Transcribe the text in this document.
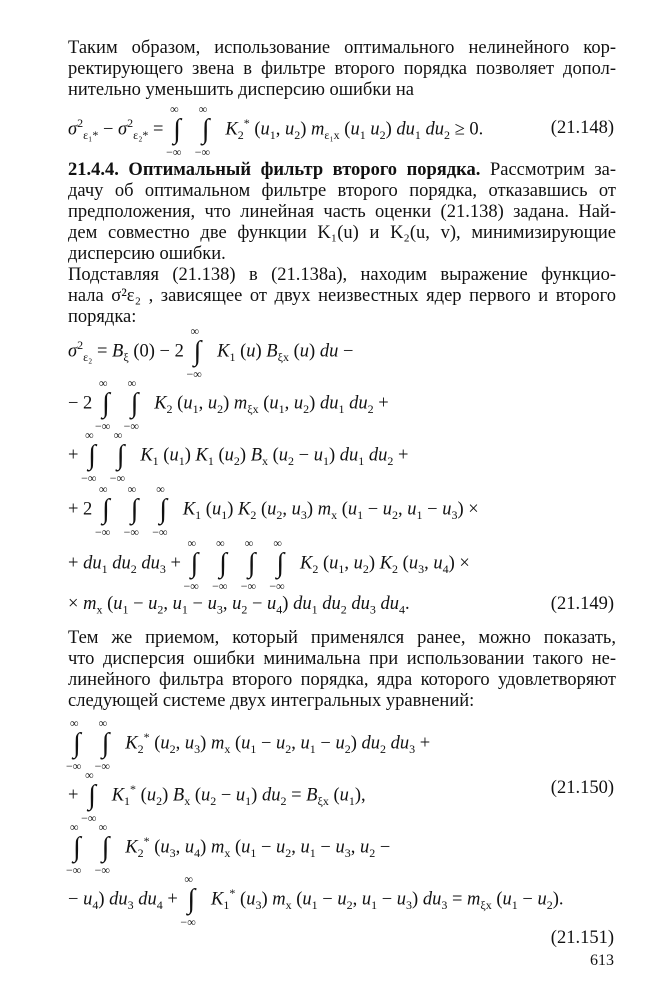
Таким образом, использование оптимального нелинейного кор-
ректирующего звена в фильтре второго порядка позволяет допол-
нительно уменьшить дисперсию ошибки на
$\sigma^2_{\varepsilon_1*} - \sigma^2_{\varepsilon_2*}$ =
∞
∫
−∞

∞
∫
−∞
$K_2^*$ ($u_1$, $u_2$) $m_{\varepsilon_1x}$ ($u_1$ $u_2$) $du_1$ $du_2 \ge 0$.	(21.148)
21.4.4. Оптимальный фильтр второго порядка. Рассмотрим за-
дачу об оптимальном фильтре второго порядка, отказавшись от
предположения, что линейная часть оценки (21.138) задана. Най-
дем совместно две функции K₁(u) и K₂(u, v), минимизирующие
дисперсию ошибки.
Подставляя (21.138) в (21.138а), находим выражение функцио-
нала σ²ε₂ , зависящее от двух неизвестных ядер первого и второго
порядка:
$\sigma^2_{\varepsilon_2} = B_\xi$ (0) − 2
∞
∫
−∞
$K_1$ (u) $B_{\xi x}$ (u) du −
− 2
∞
∫
−∞

∞
∫
−∞
$K_2$ ($u_1$, $u_2$) $m_{\xi x}$ ($u_1$, $u_2$) $du_1$ $du_2$ +
+
∞
∫
−∞

∞
∫
−∞
$K_1$ $(u_1)$ $K_1$ $(u_2)$ $B_x$ $(u_2 - u_1)$ $du_1$ $du_2$ +
+ 2
∞
∫
−∞

∞
∫
−∞

∞
∫
−∞
$K_1$ $(u_1)$ $K_2$ ($u_2$, $u_3$) $m_x$ ($u_1 - u_2$, $u_1 - u_3$) ×
+ $du_1$ $du_2$ $du_3$ +
∞
∫
−∞

∞
∫
−∞

∞
∫
−∞

∞
∫
−∞
$K_2$ ($u_1$, $u_2$) $K_2$ ($u_3$, $u_4$) ×
× $m_x$ ($u_1 - u_2$, $u_1 - u_3$, $u_2 - u_4$) $du_1$ $du_2$ $du_3$ $du_4$.	(21.149)
Тем же приемом, который применялся ранее, можно показать,
что дисперсия ошибки минимальна при использовании такого не-
линейного фильтра второго порядка, ядра которого удовлетворяют
следующей системе двух интегральных уравнений:
∞
∫
−∞

∞
∫
−∞
$K_2^*$ ($u_2$, $u_3$) $m_x$ ($u_1 - u_2$, $u_1 - u_2$) $du_2$ $du_3$ +
+
∞
∫
−∞
$K_1^*$ $(u_2)$ $B_x$ $(u_2 - u_1) du_2 = B_{\xi x}$ $(u_1)$,	(21.150)
∞
∫
−∞

∞
∫
−∞
$K_2^*$ ($u_3$, $u_4$) $m_x$ ($u_1 - u_2$, $u_1 - u_3$, $u_2$ −
− $u_4$) $du_3$ $du_4$ +
∞
∫
−∞
$K_1^*$ $(u_3)$ $m_x$ ($u_1 - u_2$, $u_1 - u_3$) $du_3 = m_{\xi x}$ $(u_1 - u_2)$.
(21.151)
613
